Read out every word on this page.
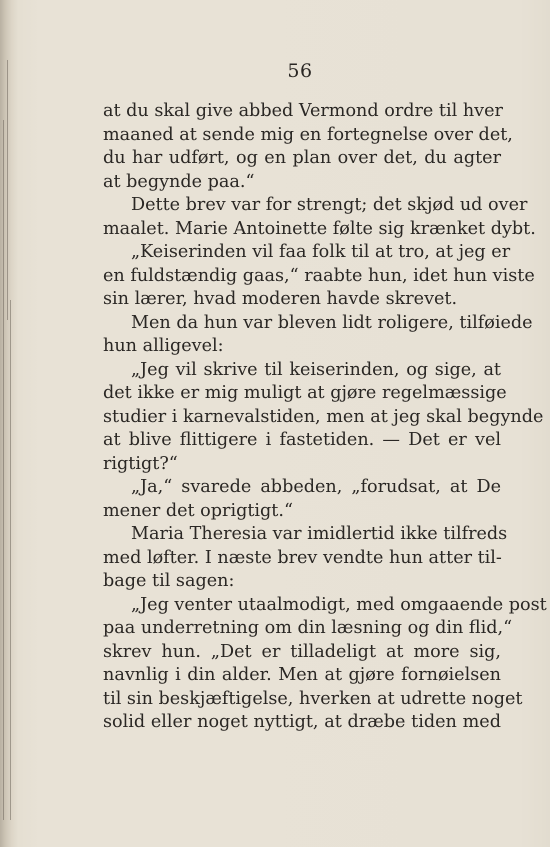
56
at du skal give abbed Vermond ordre til hver
maaned at sende mig en fortegnelse over det,
du har udført, og en plan over det, du agter
at begynde paa.“
Dette brev var for strengt; det skjød ud over
maalet. Marie Antoinette følte sig krænket dybt.
„Keiserinden vil faa folk til at tro, at jeg er
en fuldstændig gaas,“ raabte hun, idet hun viste
sin lærer, hvad moderen havde skrevet.
Men da hun var bleven lidt roligere, tilføiede
hun alligevel:
„Jeg vil skrive til keiserinden, og sige, at
det ikke er mig muligt at gjøre regelmæssige
studier i karnevalstiden, men at jeg skal begynde
at blive flittigere i fastetiden. — Det er vel
rigtigt?“
„Ja,“ svarede abbeden, „forudsat, at De
mener det oprigtigt.“
Maria Theresia var imidlertid ikke tilfreds
med løfter. I næste brev vendte hun atter til-
bage til sagen:
„Jeg venter utaalmodigt, med omgaaende post
paa underretning om din læsning og din flid,“
skrev hun. „Det er tilladeligt at more sig,
navnlig i din alder. Men at gjøre fornøielsen
til sin beskjæftigelse, hverken at udrette noget
solid eller noget nyttigt, at dræbe tiden med
